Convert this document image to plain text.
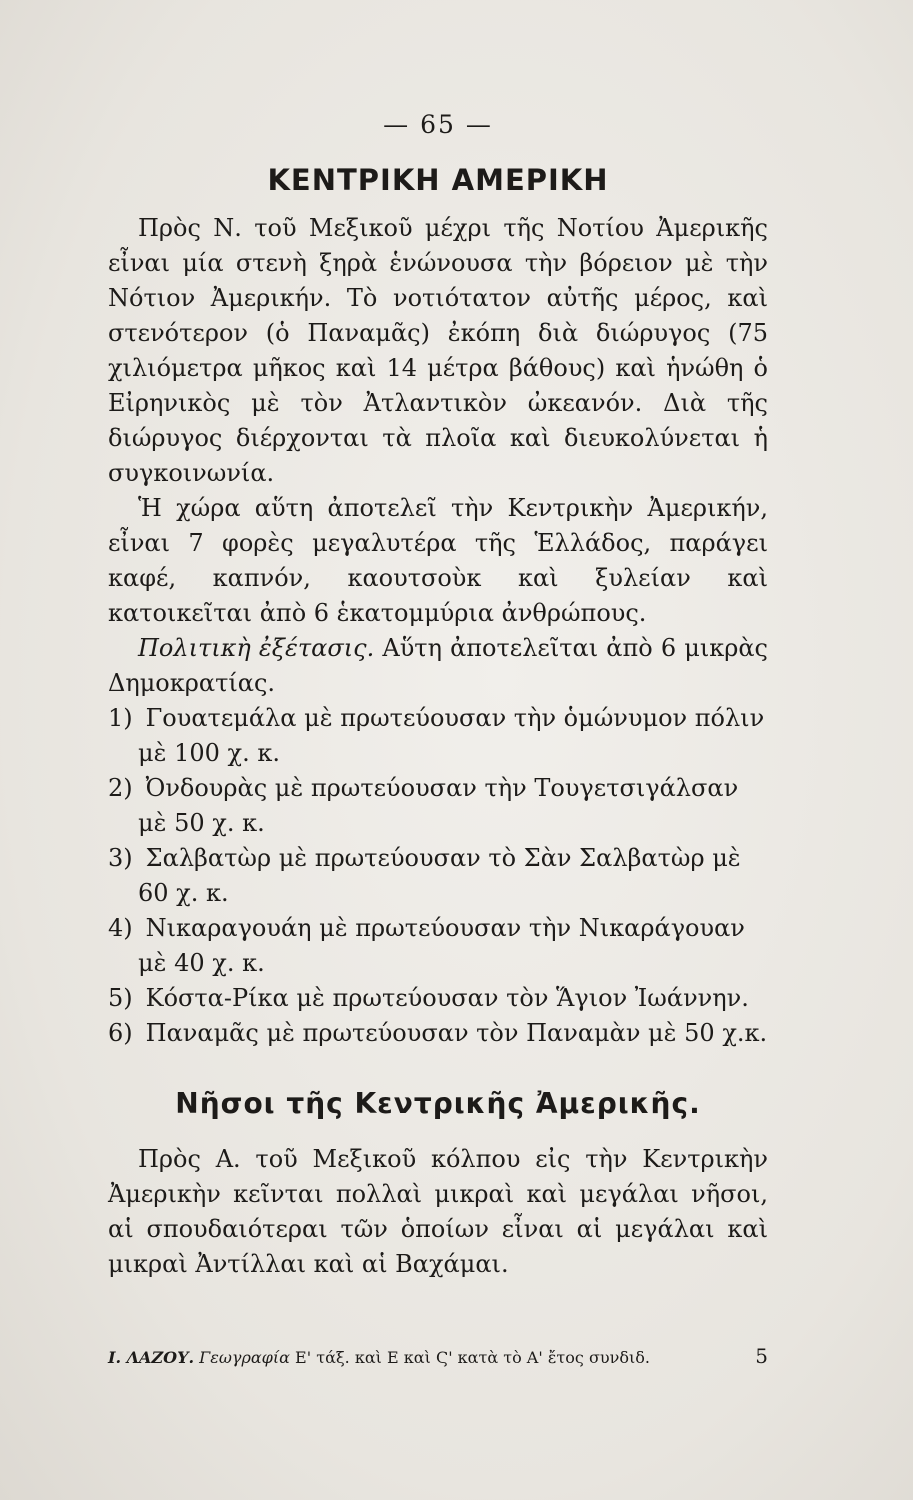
— 65 —
ΚΕΝΤΡΙΚΗ ΑΜΕΡΙΚΗ

Πρὸς Ν. τοῦ Μεξικοῦ μέχρι τῆς Νοτίου Ἀμερικῆς εἶναι μία στενὴ ξηρὰ ἑνώνουσα τὴν βόρειον μὲ τὴν Νότιον Ἀμερικήν. Τὸ νοτιότατον αὐτῆς μέρος, καὶ στενότερον (ὁ Παναμᾶς) ἐκόπη διὰ διώρυγος (75 χιλιόμετρα μῆκος καὶ 14 μέτρα βάθους) καὶ ἡνώθη ὁ Εἰρηνικὸς μὲ τὸν Ἀτλαντικὸν ὠκεανόν. Διὰ τῆς διώρυγος διέρχονται τὰ πλοῖα καὶ διευκολύνεται ἡ συγκοινωνία.

Ἡ χώρα αὕτη ἀποτελεῖ τὴν Κεντρικὴν Ἀμερικήν, εἶναι 7 φορὲς μεγαλυτέρα τῆς Ἑλλάδος, παράγει καφέ, καπνόν, καουτσοὺκ καὶ ξυλείαν καὶ κατοικεῖται ἀπὸ 6 ἑκατομμύρια ἀνθρώπους.

Πολιτικὴ ἐξέτασις. Αὕτη ἀποτελεῖται ἀπὸ 6 μικρὰς Δημοκρατίας.

1) Γουατεμάλα μὲ πρωτεύουσαν τὴν ὁμώνυμον πόλιν μὲ 100 χ. κ.

2) Ὀνδουρὰς μὲ πρωτεύουσαν τὴν Τουγετσιγάλσαν μὲ 50 χ. κ.

3) Σαλβατὼρ μὲ πρωτεύουσαν τὸ Σὰν Σαλβατὼρ μὲ 60 χ. κ.

4) Νικαραγουάη μὲ πρωτεύουσαν τὴν Νικαράγουαν μὲ 40 χ. κ.

5) Κόστα-Ρίκα μὲ πρωτεύουσαν τὸν Ἅγιον Ἰωάννην.

6) Παναμᾶς μὲ πρωτεύουσαν τὸν Παναμὰν μὲ 50 χ.κ.

Νῆσοι τῆς Κεντρικῆς Ἀμερικῆς.

Πρὸς Α. τοῦ Μεξικοῦ κόλπου εἰς τὴν Κεντρικὴν Ἀμερικὴν κεῖνται πολλαὶ μικραὶ καὶ μεγάλαι νῆσοι, αἱ σπουδαιότεραι τῶν ὁποίων εἶναι αἱ μεγάλαι καὶ μικραὶ Ἀντίλλαι καὶ αἱ Βαχάμαι.

Ι. ΛΑΖΟΥ. Γεωγραφία Ε' τάξ. καὶ Ε καὶ Ϛ' κατὰ τὸ Α' ἔτος συνδιδ.	5
